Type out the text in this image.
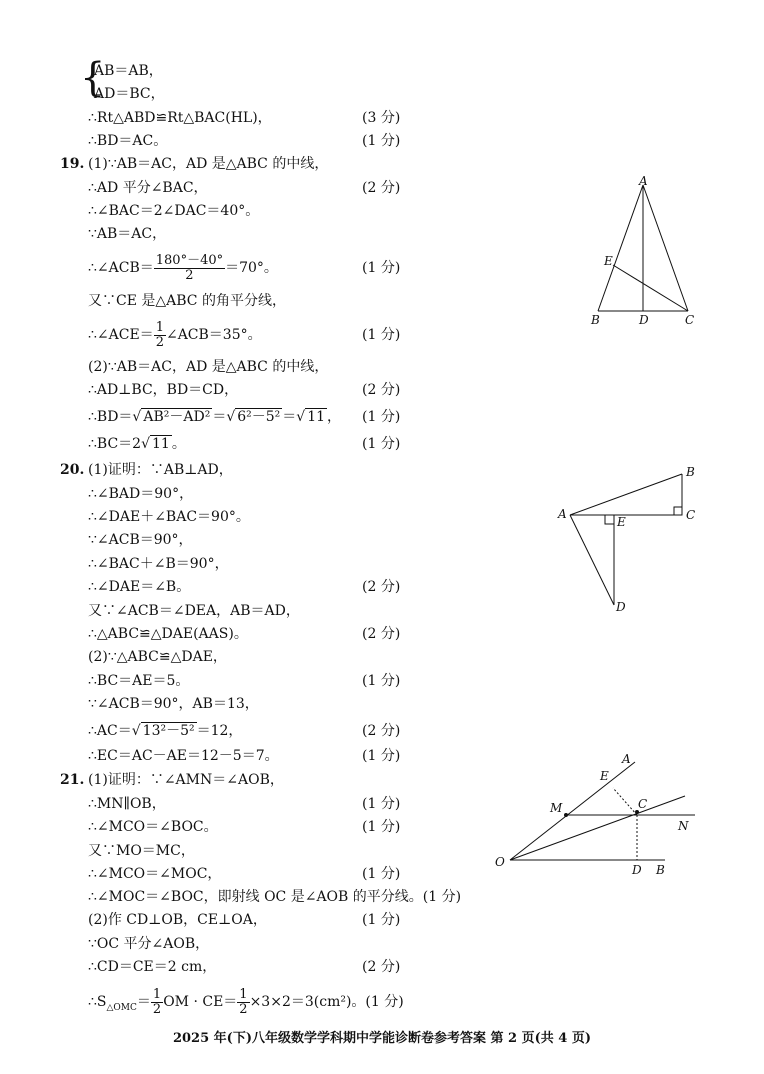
{
AB＝AB，
AD＝BC，
∴Rt△ABD≌Rt△BAC(HL)，	(3 分)
∴BD＝AC。	(1 分)
19. (1)∵AB＝AC，AD 是△ABC 的中线，
∴AD 平分∠BAC，	(2 分)
∴∠BAC＝2∠DAC＝40°。
∵AB＝AC，
∴∠ACB＝ $\frac{180^\circ-40^\circ}{2} =70^\circ$。	(1 分)
又∵CE 是△ABC 的角平分线，
∴∠ACE＝ $\frac{1}{2}$ ∠ACB＝35°。	(1 分)
(2)∵AB＝AC，AD 是△ABC 的中线，
∴AD⊥BC，BD＝CD，	(2 分)
∴BD＝√ AB²－AD² ＝√ 6²－5² ＝√ 11 ， (1 分)
∴BC＝2√ 11 。	(1 分)
A
E
B	D	C
20. (1)证明：∵AB⊥AD，
∴∠BAD＝90°，
∴∠DAE＋∠BAC＝90°。
∵∠ACB＝90°，
∴∠BAC＋∠B＝90°，
∴∠DAE＝∠B。	(2 分)
又∵∠ACB＝∠DEA，AB＝AD，
∴△ABC≌△DAE(AAS)。	(2 分)
(2)∵△ABC≌△DAE，
∴BC＝AE＝5。	(1 分)
∵∠ACB＝90°，AB＝13，
∴AC＝√ 13²－5² ＝12，	(2 分)
∴EC＝AC－AE＝12－5＝7。	(1 分)
B
A
E	C
D
21. (1)证明：∵∠AMN＝∠AOB，
∴MN∥OB，	(1 分)
∴∠MCO＝∠BOC。	(1 分)
又∵MO＝MC，
∴∠MCO＝∠MOC，	(1 分)
∴∠MOC＝∠BOC，即射线 OC 是∠AOB 的平分线。(1 分)
(2)作 CD⊥OB，CE⊥OA，	(1 分)
∵OC 平分∠AOB，
∴CD＝CE＝2 cm，	(2 分)
$\therefore S_{\triangle OMC}= \frac{1}{2}$ OM · $CE= \frac{1}{2} \times 3\times 2=3(cm^2)$。(1 分)
A
E
M	C
N
O
D B
2025 年(下)八年级数学学科期中学能诊断卷参考答案 第 2 页(共 4 页)
